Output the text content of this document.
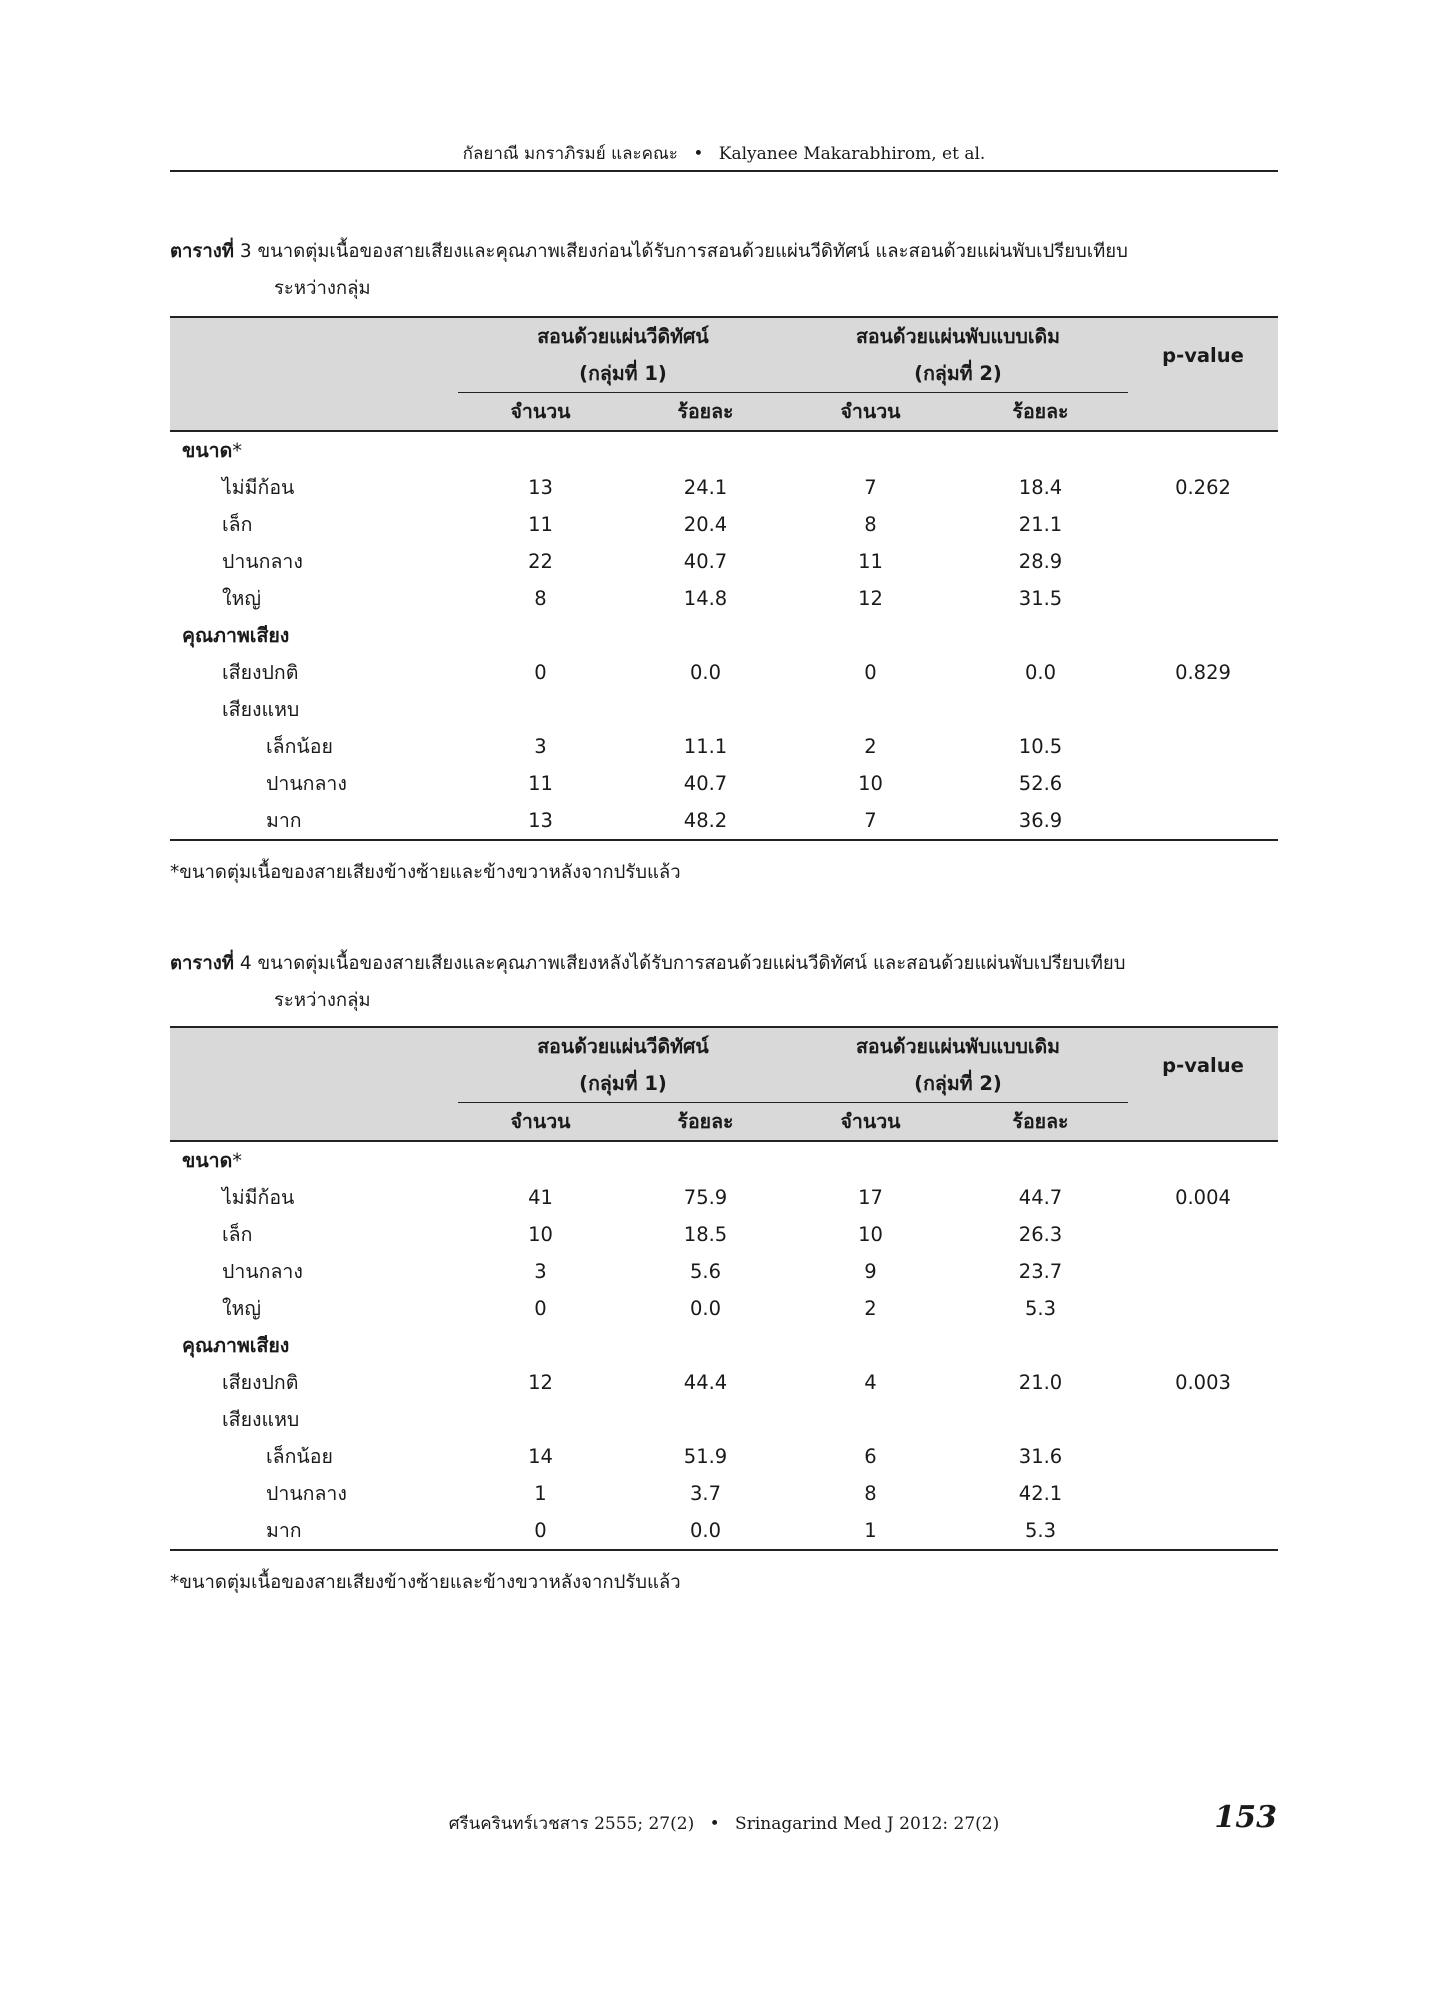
กัลยาณี มกราภิรมย์ และคณะ • Kalyanee Makarabhirom, et al.
ตารางที่ 3 ขนาดตุ่มเนื้อของสายเสียงและคุณภาพเสียงก่อนได้รับการสอนด้วยแผ่นวีดิทัศน์ และสอนด้วยแผ่นพับเปรียบเทียบ
ระหว่างกลุ่ม
	สอนด้วยแผ่นวีดิทัศน์		สอนด้วยแผ่นพับแบบเดิม		p-value
	(กลุ่มที่ 1)		(กลุ่มที่ 2)		
	จำนวน	ร้อยละ	จำนวน	ร้อยละ	
ขนาด*					
ไม่มีก้อน	13	24.1	7	18.4	0.262
เล็ก	11	20.4	8	21.1	
ปานกลาง	22	40.7	11	28.9	
ใหญ่	8	14.8	12	31.5	
คุณภาพเสียง					
เสียงปกติ	0	0.0	0	0.0	0.829
เสียงแหบ					
เล็กน้อย	3	11.1	2	10.5	
ปานกลาง	11	40.7	10	52.6	
มาก	13	48.2	7	36.9	
*ขนาดตุ่มเนื้อของสายเสียงข้างซ้ายและข้างขวาหลังจากปรับแล้ว
ตารางที่ 4 ขนาดตุ่มเนื้อของสายเสียงและคุณภาพเสียงหลังได้รับการสอนด้วยแผ่นวีดิทัศน์ และสอนด้วยแผ่นพับเปรียบเทียบ
ระหว่างกลุ่ม
	สอนด้วยแผ่นวีดิทัศน์		สอนด้วยแผ่นพับแบบเดิม		p-value
	(กลุ่มที่ 1)		(กลุ่มที่ 2)		
	จำนวน	ร้อยละ	จำนวน	ร้อยละ	
ขนาด*					
ไม่มีก้อน	41	75.9	17	44.7	0.004
เล็ก	10	18.5	10	26.3	
ปานกลาง	3	5.6	9	23.7	
ใหญ่	0	0.0	2	5.3	
คุณภาพเสียง					
เสียงปกติ	12	44.4	4	21.0	0.003
เสียงแหบ					
เล็กน้อย	14	51.9	6	31.6	
ปานกลาง	1	3.7	8	42.1	
มาก	0	0.0	1	5.3	
*ขนาดตุ่มเนื้อของสายเสียงข้างซ้ายและข้างขวาหลังจากปรับแล้ว
ศรีนครินทร์เวชสาร 2555; 27(2) • Srinagarind Med J 2012: 27(2)	153
